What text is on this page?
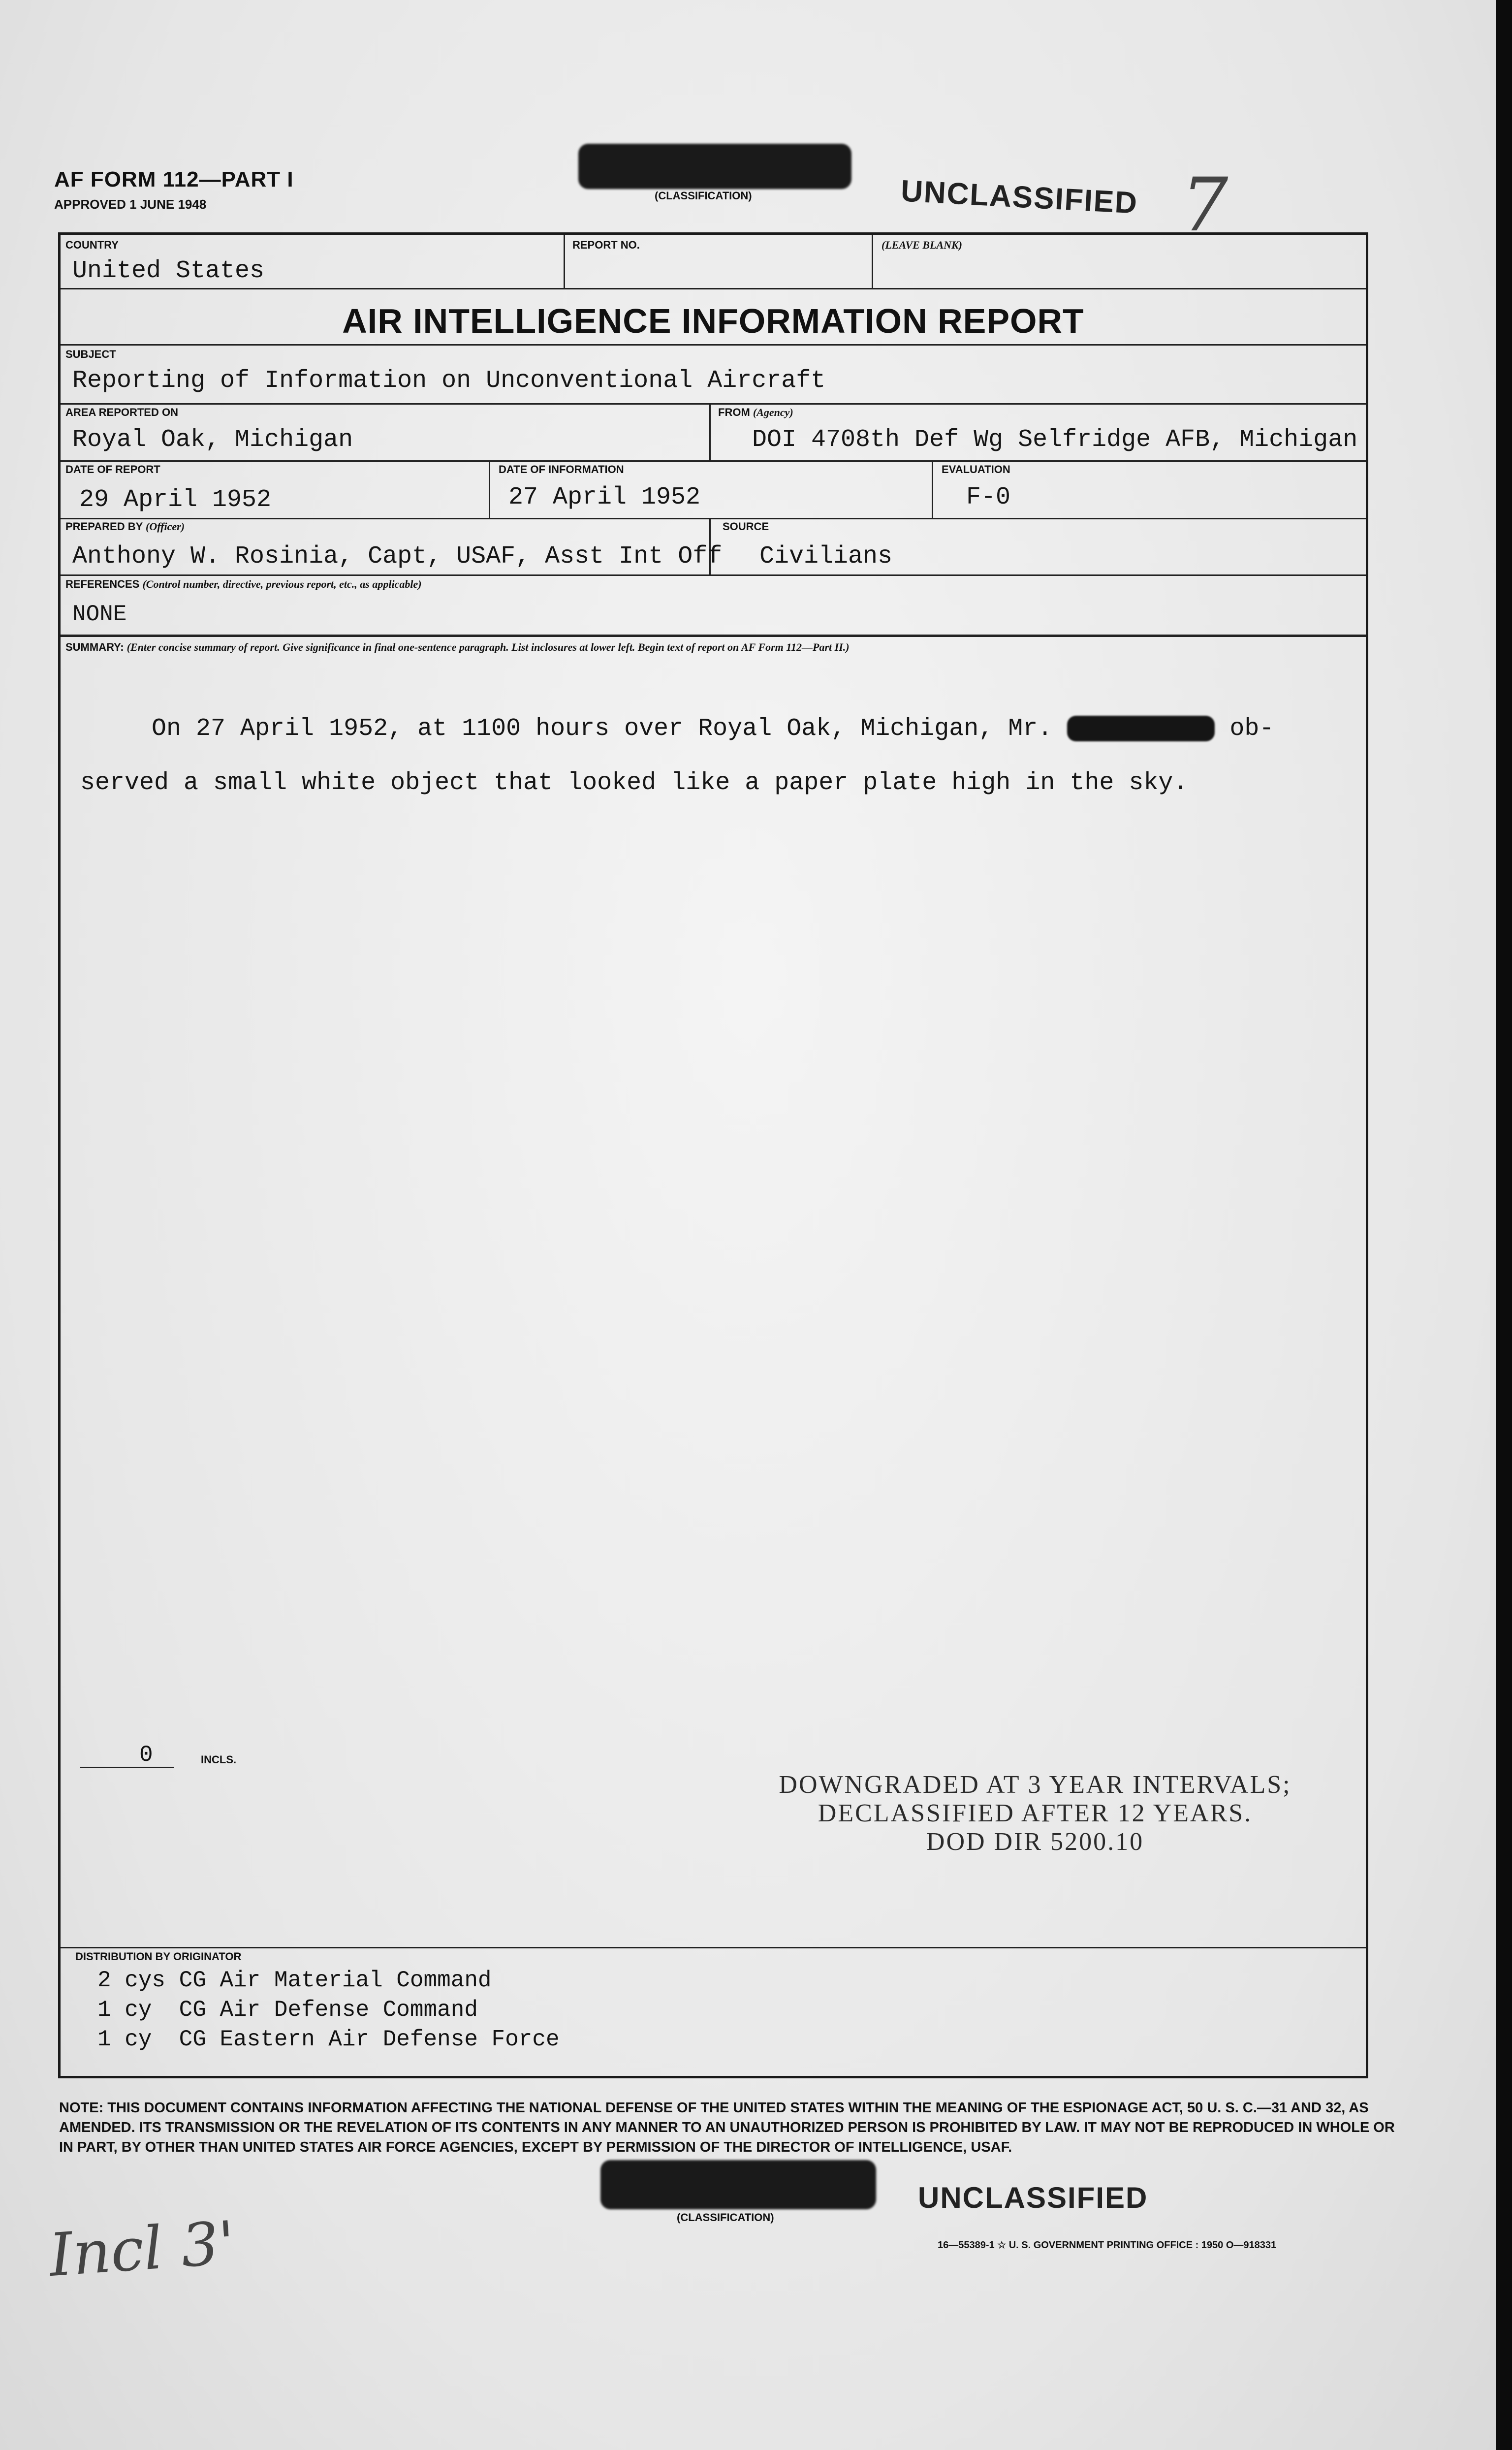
AF FORM 112—PART I
APPROVED 1 JUNE 1948
(CLASSIFICATION)	UNCLASSIFIED 7
COUNTRY
United States
REPORT NO.	(LEAVE BLANK)
AIR INTELLIGENCE INFORMATION REPORT
SUBJECT
Reporting of Information on Unconventional Aircraft
AREA REPORTED ON
Royal Oak, Michigan
FROM (Agency)
DOI 4708th Def Wg Selfridge AFB, Michigan
DATE OF REPORT
29 April 1952
DATE OF INFORMATION
27 April 1952
EVALUATION
F-0
PREPARED BY (Officer)
Anthony W. Rosinia, Capt, USAF, Asst Int Off
SOURCE
Civilians
REFERENCES (Control number, directive, previous report, etc., as applicable)
NONE
SUMMARY: (Enter concise summary of report. Give significance in final one-sentence paragraph. List inclosures at lower left. Begin text of report on AF Form 112—Part II.)
On 27 April 1952, at 1100 hours over Royal Oak, Michigan, Mr.	ob-
served a small white object that looked like a paper plate high in the sky.
0	INCLS.
DOWNGRADED AT 3 YEAR INTERVALS;
DECLASSIFIED AFTER 12 YEARS.
DOD DIR 5200.10
DISTRIBUTION BY ORIGINATOR
2 cys CG Air Material Command
1 cy  CG Air Defense Command
1 cy  CG Eastern Air Defense Force
NOTE: THIS DOCUMENT CONTAINS INFORMATION AFFECTING THE NATIONAL DEFENSE OF THE UNITED STATES WITHIN THE MEANING OF THE ESPIONAGE ACT, 50 U. S. C.—31 AND 32, AS AMENDED. ITS TRANSMISSION OR THE REVELATION OF ITS CONTENTS IN ANY MANNER TO AN UNAUTHORIZED PERSON IS PROHIBITED BY LAW. IT MAY NOT BE REPRODUCED IN WHOLE OR IN PART, BY OTHER THAN UNITED STATES AIR FORCE AGENCIES, EXCEPT BY PERMISSION OF THE DIRECTOR OF INTELLIGENCE, USAF.
(CLASSIFICATION)
UNCLASSIFIED
16—55389-1 ☆ U. S. GOVERNMENT PRINTING OFFICE : 1950 O—918331
Incl 3'
